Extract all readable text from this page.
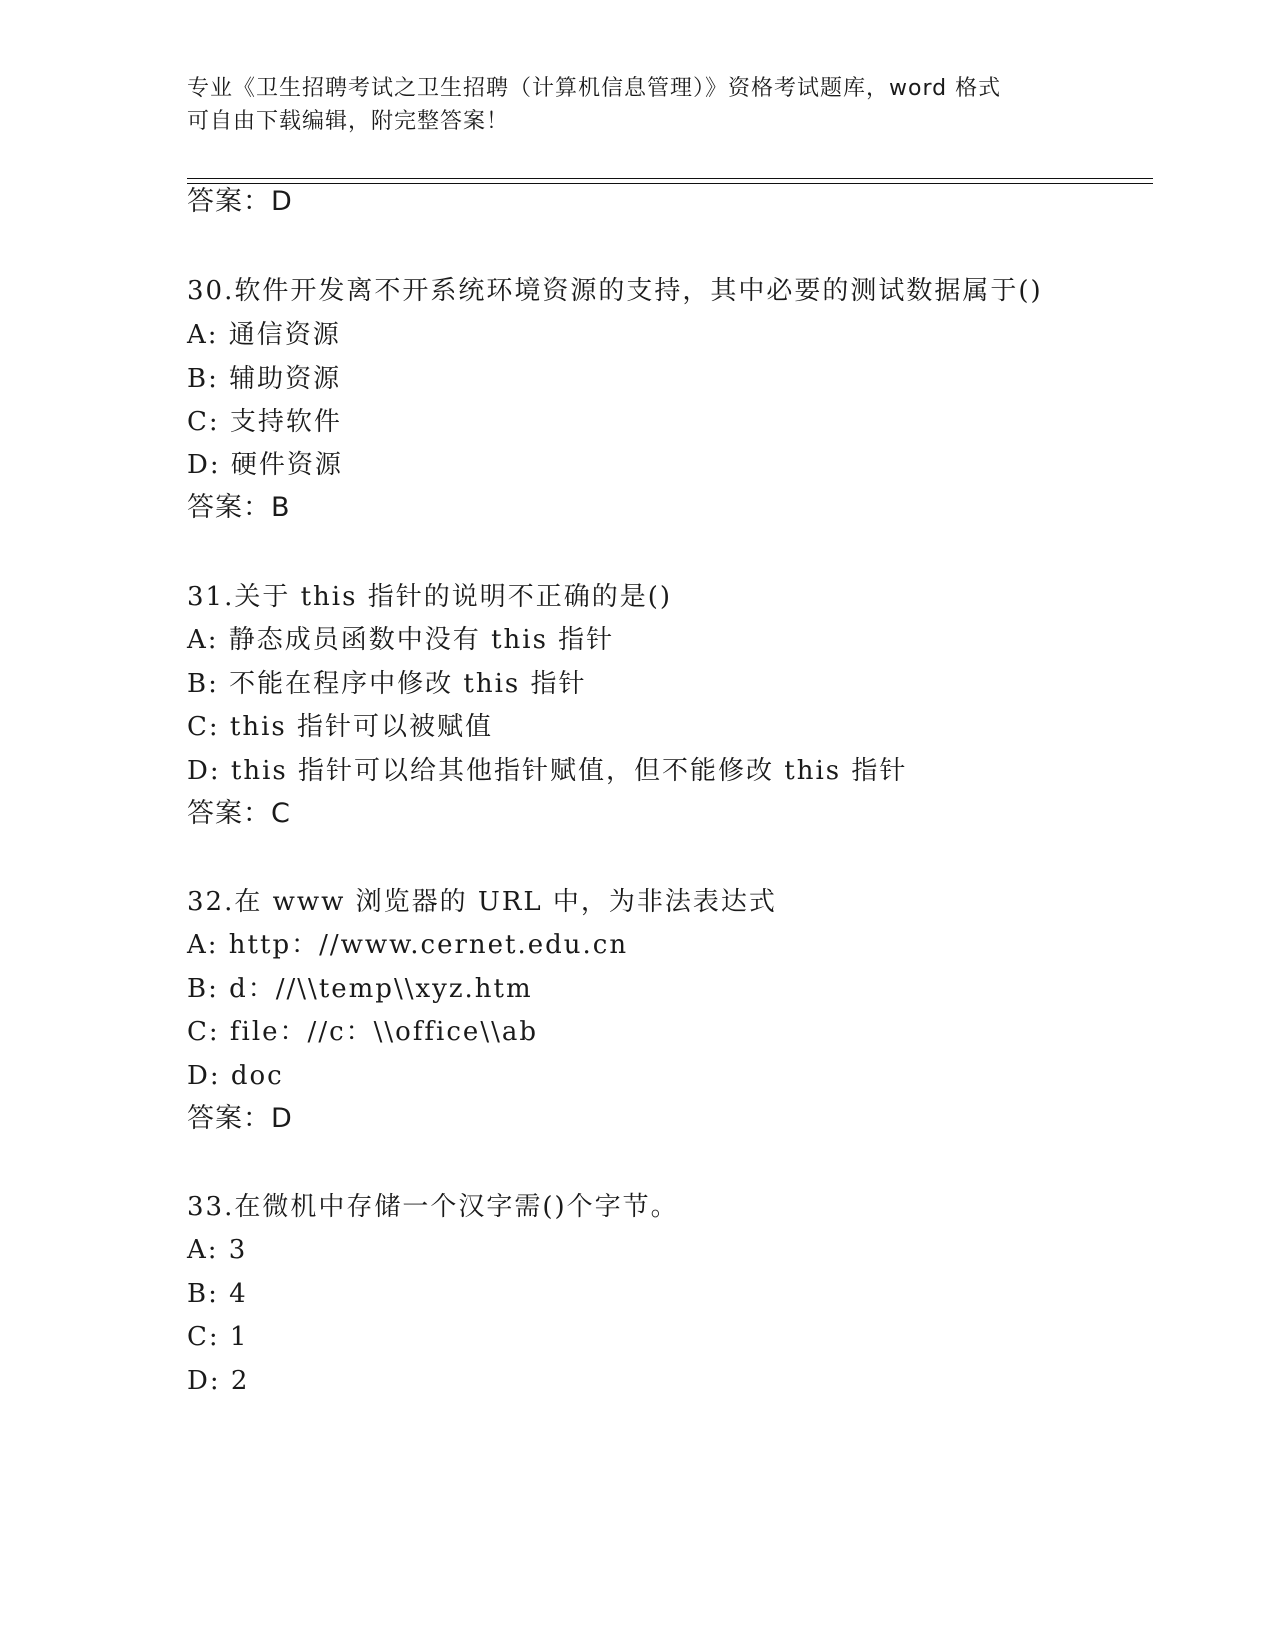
专业《卫生招聘考试之卫生招聘（计算机信息管理）》资格考试题库，word 格式
可自由下载编辑，附完整答案！
答案：D
30.软件开发离不开系统环境资源的支持，其中必要的测试数据属于()
A: 通信资源
B: 辅助资源
C: 支持软件
D: 硬件资源
答案：B
31.关于 this 指针的说明不正确的是()
A: 静态成员函数中没有 this 指针
B: 不能在程序中修改 this 指针
C: this 指针可以被赋值
D: this 指针可以给其他指针赋值，但不能修改 this 指针
答案：C
32.在 www 浏览器的 URL 中，为非法表达式
A: http：//www.cernet.edu.cn
B: d：//\\temp\\xyz.htm
C: file：//c：\\office\\ab
D: doc
答案：D
33.在微机中存储一个汉字需()个字节。
A: 3
B: 4
C: 1
D: 2
